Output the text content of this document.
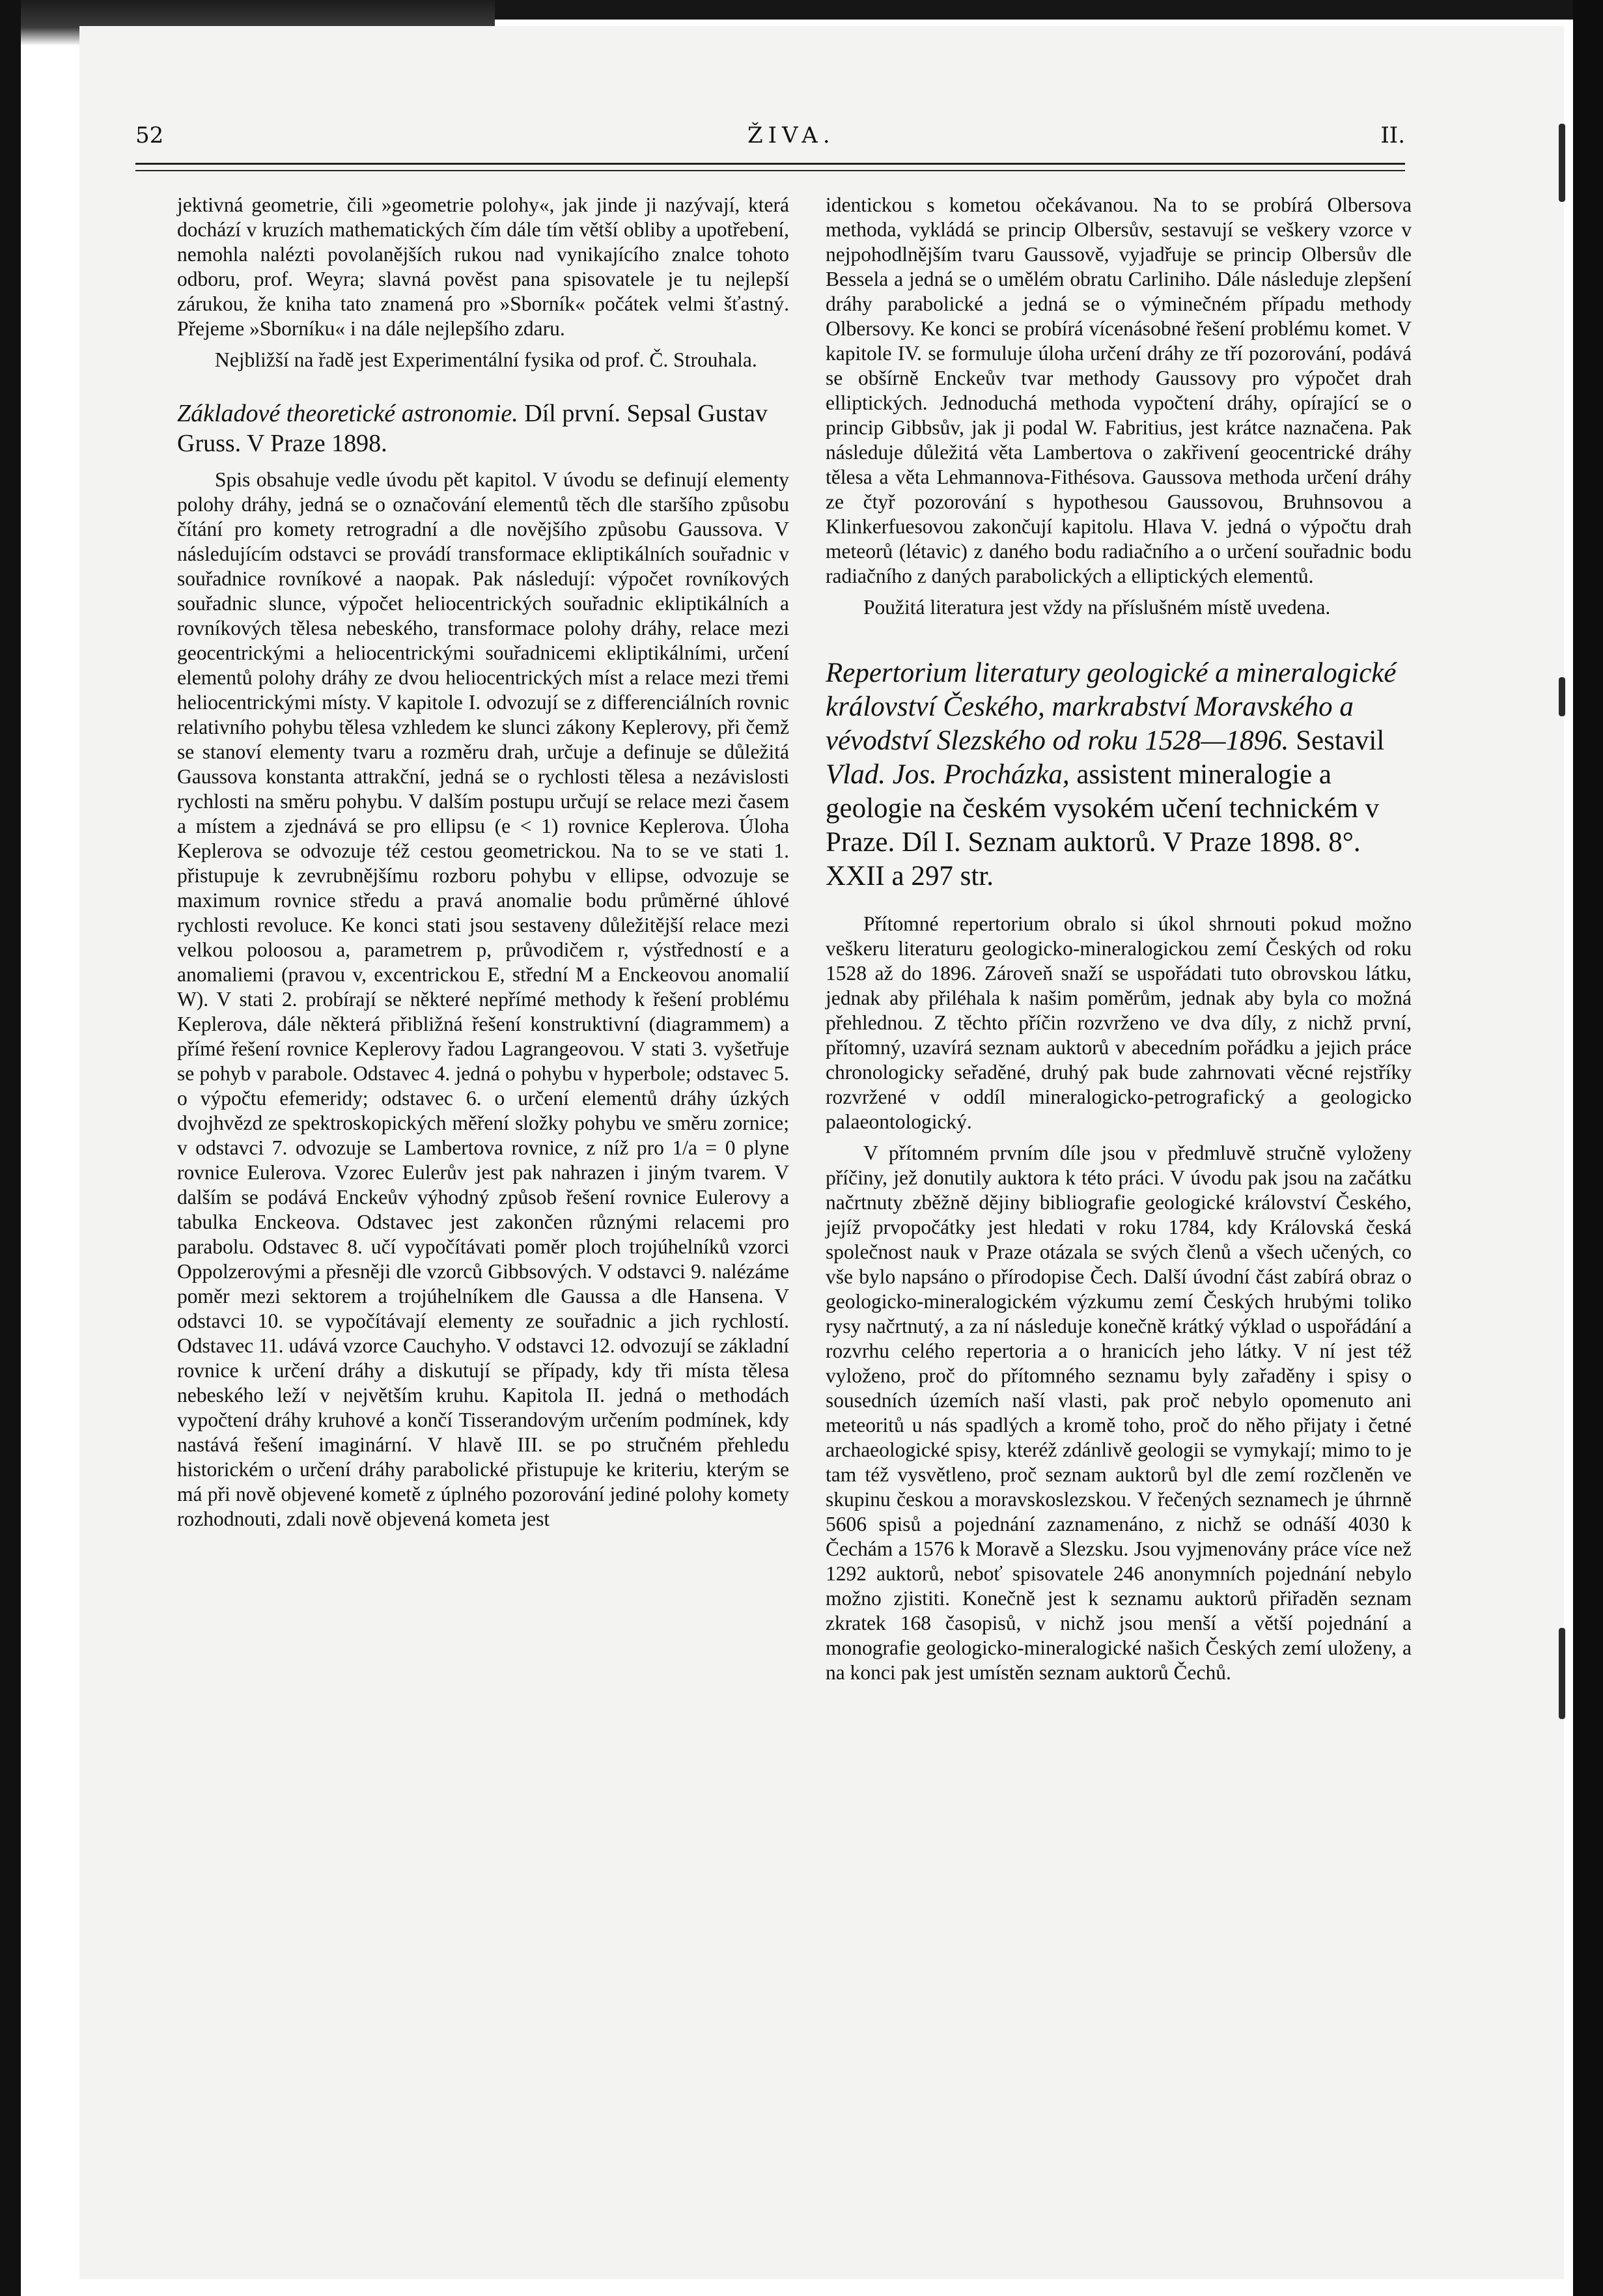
52	ŽIVA.	II.

jektivná geometrie, čili »geometrie polohy«, jak jinde ji nazývají, která dochází v kruzích mathematických čím dále tím větší obliby a upotřebení, nemohla nalézti povolanějších rukou nad vynikajícího znalce tohoto odboru, prof. Weyra; slavná pověst pana spisovatele je tu nejlepší zárukou, že kniha tato znamená pro »Sborník« počátek velmi šťastný. Přejeme »Sborníku« i na dále nejlepšího zdaru.

Nejbližší na řadě jest Experimentální fysika od prof. Č. Strouhala.

Základové theoretické astronomie. Díl první. Sepsal Gustav Gruss. V Praze 1898.

Spis obsahuje vedle úvodu pět kapitol. V úvodu se definují elementy polohy dráhy, jedná se o označování elementů těch dle staršího způsobu čítání pro komety retrogradní a dle novějšího způsobu Gaussova. V následujícím odstavci se provádí transformace ekliptikálních souřadnic v souřadnice rovníkové a naopak. Pak následují: výpočet rovníkových souřadnic slunce, výpočet heliocentrických souřadnic ekliptikálních a rovníkových tělesa nebeského, transformace polohy dráhy, relace mezi geocentrickými a heliocentrickými souřadnicemi ekliptikálními, určení elementů polohy dráhy ze dvou heliocentrických míst a relace mezi třemi heliocentrickými místy. V kapitole I. odvozují se z differenciálních rovnic relativního pohybu tělesa vzhledem ke slunci zákony Keplerovy, při čemž se stanoví elementy tvaru a rozměru drah, určuje a definuje se důležitá Gaussova konstanta attrakční, jedná se o rychlosti tělesa a nezávislosti rychlosti na směru pohybu. V dalším postupu určují se relace mezi časem a místem a zjednává se pro ellipsu (e < 1) rovnice Keplerova. Úloha Keplerova se odvozuje též cestou geometrickou. Na to se ve stati 1. přistupuje k zevrubnějšímu rozboru pohybu v ellipse, odvozuje se maximum rovnice středu a pravá anomalie bodu průměrné úhlové rychlosti revoluce. Ke konci stati jsou sestaveny důležitější relace mezi velkou poloosou a, parametrem p, průvodičem r, výstředností e a anomaliemi (pravou v, excentrickou E, střední M a Enckeovou anomalií W). V stati 2. probírají se některé nepřímé methody k řešení problému Keplerova, dále některá přibližná řešení konstruktivní (diagrammem) a přímé řešení rovnice Keplerovy řadou Lagrangeovou. V stati 3. vyšetřuje se pohyb v parabole. Odstavec 4. jedná o pohybu v hyperbole; odstavec 5. o výpočtu efemeridy; odstavec 6. o určení elementů dráhy úzkých dvojhvězd ze spektroskopických měření složky pohybu ve směru zornice; v odstavci 7. odvozuje se Lambertova rovnice, z níž pro 1/a = 0 plyne rovnice Eulerova. Vzorec Eulerův jest pak nahrazen i jiným tvarem. V dalším se podává Enckeův výhodný způsob řešení rovnice Eulerovy a tabulka Enckeova. Odstavec jest zakončen různými relacemi pro parabolu. Odstavec 8. učí vypočítávati poměr ploch trojúhelníků vzorci Oppolzerovými a přesněji dle vzorců Gibbsových. V odstavci 9. nalézáme poměr mezi sektorem a trojúhelníkem dle Gaussa a dle Hansena. V odstavci 10. se vypočítávají elementy ze souřadnic a jich rychlostí. Odstavec 11. udává vzorce Cauchyho. V odstavci 12. odvozují se základní rovnice k určení dráhy a diskutují se případy, kdy tři místa tělesa nebeského leží v největším kruhu. Kapitola II. jedná o methodách vypočtení dráhy kruhové a končí Tisserandovým určením podmínek, kdy nastává řešení imaginární. V hlavě III. se po stručném přehledu historickém o určení dráhy parabolické přistupuje ke kriteriu, kterým se má při nově objevené kometě z úplného pozorování jediné polohy komety rozhodnouti, zdali nově objevená kometa jest

identickou s kometou očekávanou. Na to se probírá Olbersova methoda, vykládá se princip Olbersův, sestavují se veškery vzorce v nejpohodlnějším tvaru Gaussově, vyjadřuje se princip Olbersův dle Bessela a jedná se o umělém obratu Carliniho. Dále následuje zlepšení dráhy parabolické a jedná se o výminečném případu methody Olbersovy. Ke konci se probírá vícenásobné řešení problému komet. V kapitole IV. se formuluje úloha určení dráhy ze tří pozorování, podává se obšírně Enckeův tvar methody Gaussovy pro výpočet drah elliptických. Jednoduchá methoda vypočtení dráhy, opírající se o princip Gibbsův, jak ji podal W. Fabritius, jest krátce naznačena. Pak následuje důležitá věta Lambertova o zakřivení geocentrické dráhy tělesa a věta Lehmannova-Fithésova. Gaussova methoda určení dráhy ze čtyř pozorování s hypothesou Gaussovou, Bruhnsovou a Klinkerfuesovou zakončují kapitolu. Hlava V. jedná o výpočtu drah meteorů (létavic) z daného bodu radiačního a o určení souřadnic bodu radiačního z daných parabolických a elliptických elementů.

Použitá literatura jest vždy na příslušném místě uvedena.

Repertorium literatury geologické a mineralogické království Českého, markrabství Moravského a vévodství Slezského od roku 1528—1896. Sestavil Vlad. Jos. Procházka, assistent mineralogie a geologie na českém vysokém učení technickém v Praze. Díl I. Seznam auktorů. V Praze 1898. 8°. XXII a 297 str.

Přítomné repertorium obralo si úkol shrnouti pokud možno veškeru literaturu geologicko-mineralogickou zemí Českých od roku 1528 až do 1896. Zároveň snaží se uspořádati tuto obrovskou látku, jednak aby přiléhala k našim poměrům, jednak aby byla co možná přehlednou. Z těchto příčin rozvrženo ve dva díly, z nichž první, přítomný, uzavírá seznam auktorů v abecedním pořádku a jejich práce chronologicky seřaděné, druhý pak bude zahrnovati věcné rejstříky rozvržené v oddíl mineralogicko-petrografický a geologicko palaeontologický.

V přítomném prvním díle jsou v předmluvě stručně vyloženy příčiny, jež donutily auktora k této práci. V úvodu pak jsou na začátku načrtnuty zběžně dějiny bibliografie geologické království Českého, jejíž prvopočátky jest hledati v roku 1784, kdy Královská česká společnost nauk v Praze otázala se svých členů a všech učených, co vše bylo napsáno o přírodopise Čech. Další úvodní část zabírá obraz o geologicko-mineralogickém výzkumu zemí Českých hrubými toliko rysy načrtnutý, a za ní následuje konečně krátký výklad o uspořádání a rozvrhu celého repertoria a o hranicích jeho látky. V ní jest též vyloženo, proč do přítomného seznamu byly zařaděny i spisy o sousedních územích naší vlasti, pak proč nebylo opomenuto ani meteoritů u nás spadlých a kromě toho, proč do něho přijaty i četné archaeologické spisy, kteréž zdánlivě geologii se vymykají; mimo to je tam též vysvětleno, proč seznam auktorů byl dle zemí rozčleněn ve skupinu českou a moravskoslezskou. V řečených seznamech je úhrnně 5606 spisů a pojednání zaznamenáno, z nichž se odnáší 4030 k Čechám a 1576 k Moravě a Slezsku. Jsou vyjmenovány práce více než 1292 auktorů, neboť spisovatele 246 anonymních pojednání nebylo možno zjistiti. Konečně jest k seznamu auktorů přiřaděn seznam zkratek 168 časopisů, v nichž jsou menší a větší pojednání a monografie geologicko-mineralogické našich Českých zemí uloženy, a na konci pak jest umístěn seznam auktorů Čechů.
